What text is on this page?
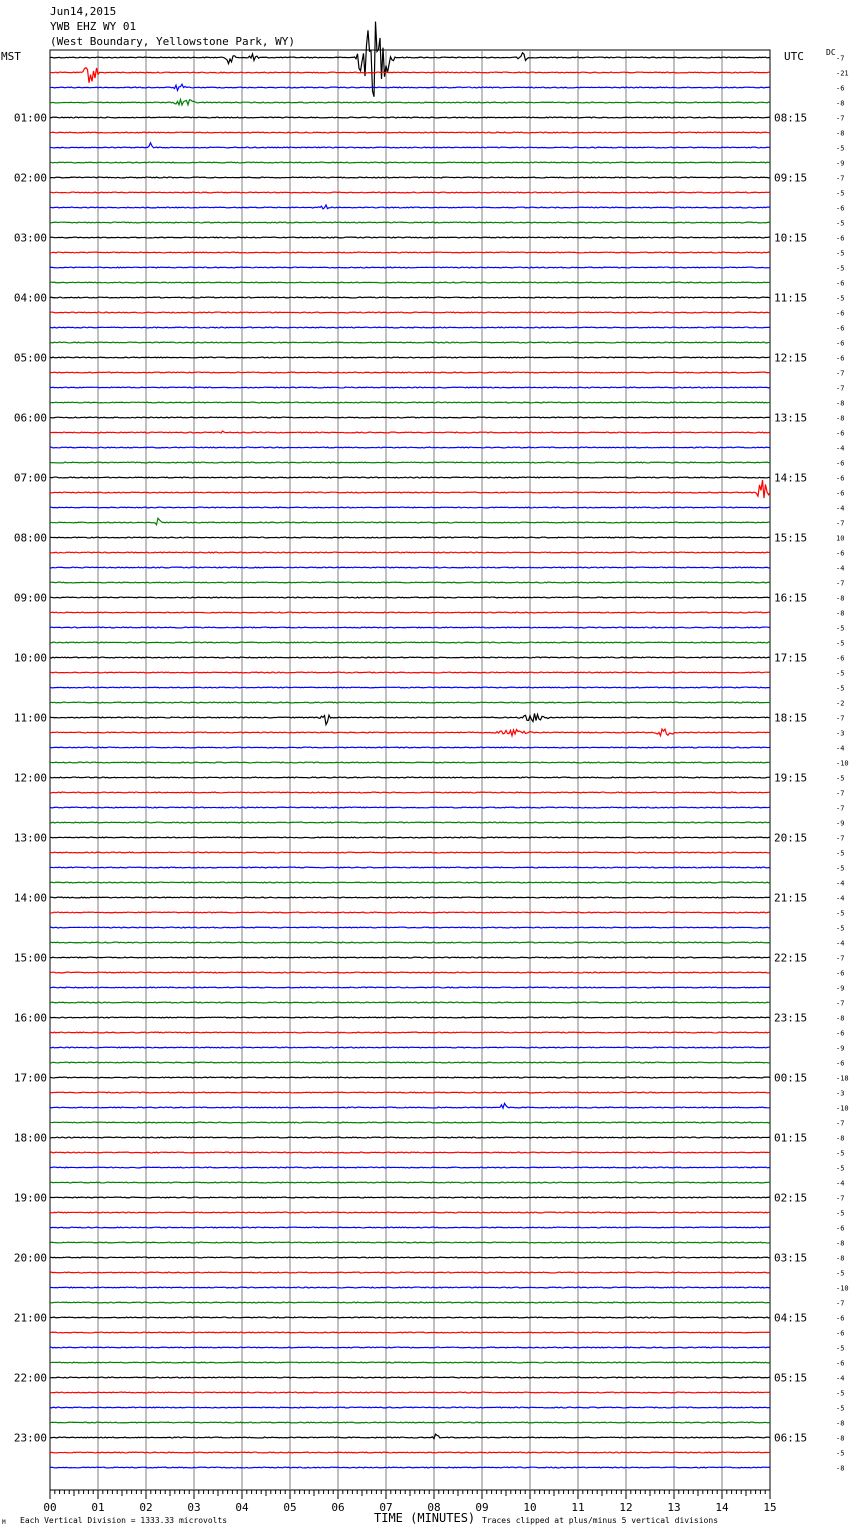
-7
-21
-6
-8
-7
-8
-5
-9
-7
-5
-6
-5
-6
-5
-5
-6
-5
-6
-6
-6
-6
-7
-7
-8
-8
-6
-4
-6
-6
-6
-4
-7
10
-6
-4
-7
-8
-8
-5
-5
-6
-5
-5
-2
-7
-3
-4
-10
-5
-7
-7
-9
-7
-5
-5
-4
-4
-5
-5
-4
-7
-6
-9
-7
-8
-6
-9
-6
-18
-3
-10
-7
-8
-5
-5
-4
-7
-5
-6
-8
-8
-5
-10
-7
-6
-6
-5
-6
-4
-5
-5
-8
-8
-5
-8
01:00
02:00
03:00
04:00
05:00
06:00
07:00
08:00
09:00
10:00
11:00
12:00
13:00
14:00
15:00
16:00
17:00
18:00
19:00
20:00
21:00
22:00
23:00
08:15
09:15
10:15
11:15
12:15
13:15
14:15
15:15
16:15
17:15
18:15
19:15
20:15
21:15
22:15
23:15
00:15
01:15
02:15
03:15
04:15
05:15
06:15
00	01	02	03	04	05	06	07	08	09	10	11	12	13	14	15
Jun14,2015
YWB EHZ WY 01
(West Boundary, Yellowstone Park, WY)
MST	UTC	DC
TIME (MINUTES)
Each Vertical Division = 1333.33 microvolts	Traces clipped at plus/minus 5 vertical divisions
M
